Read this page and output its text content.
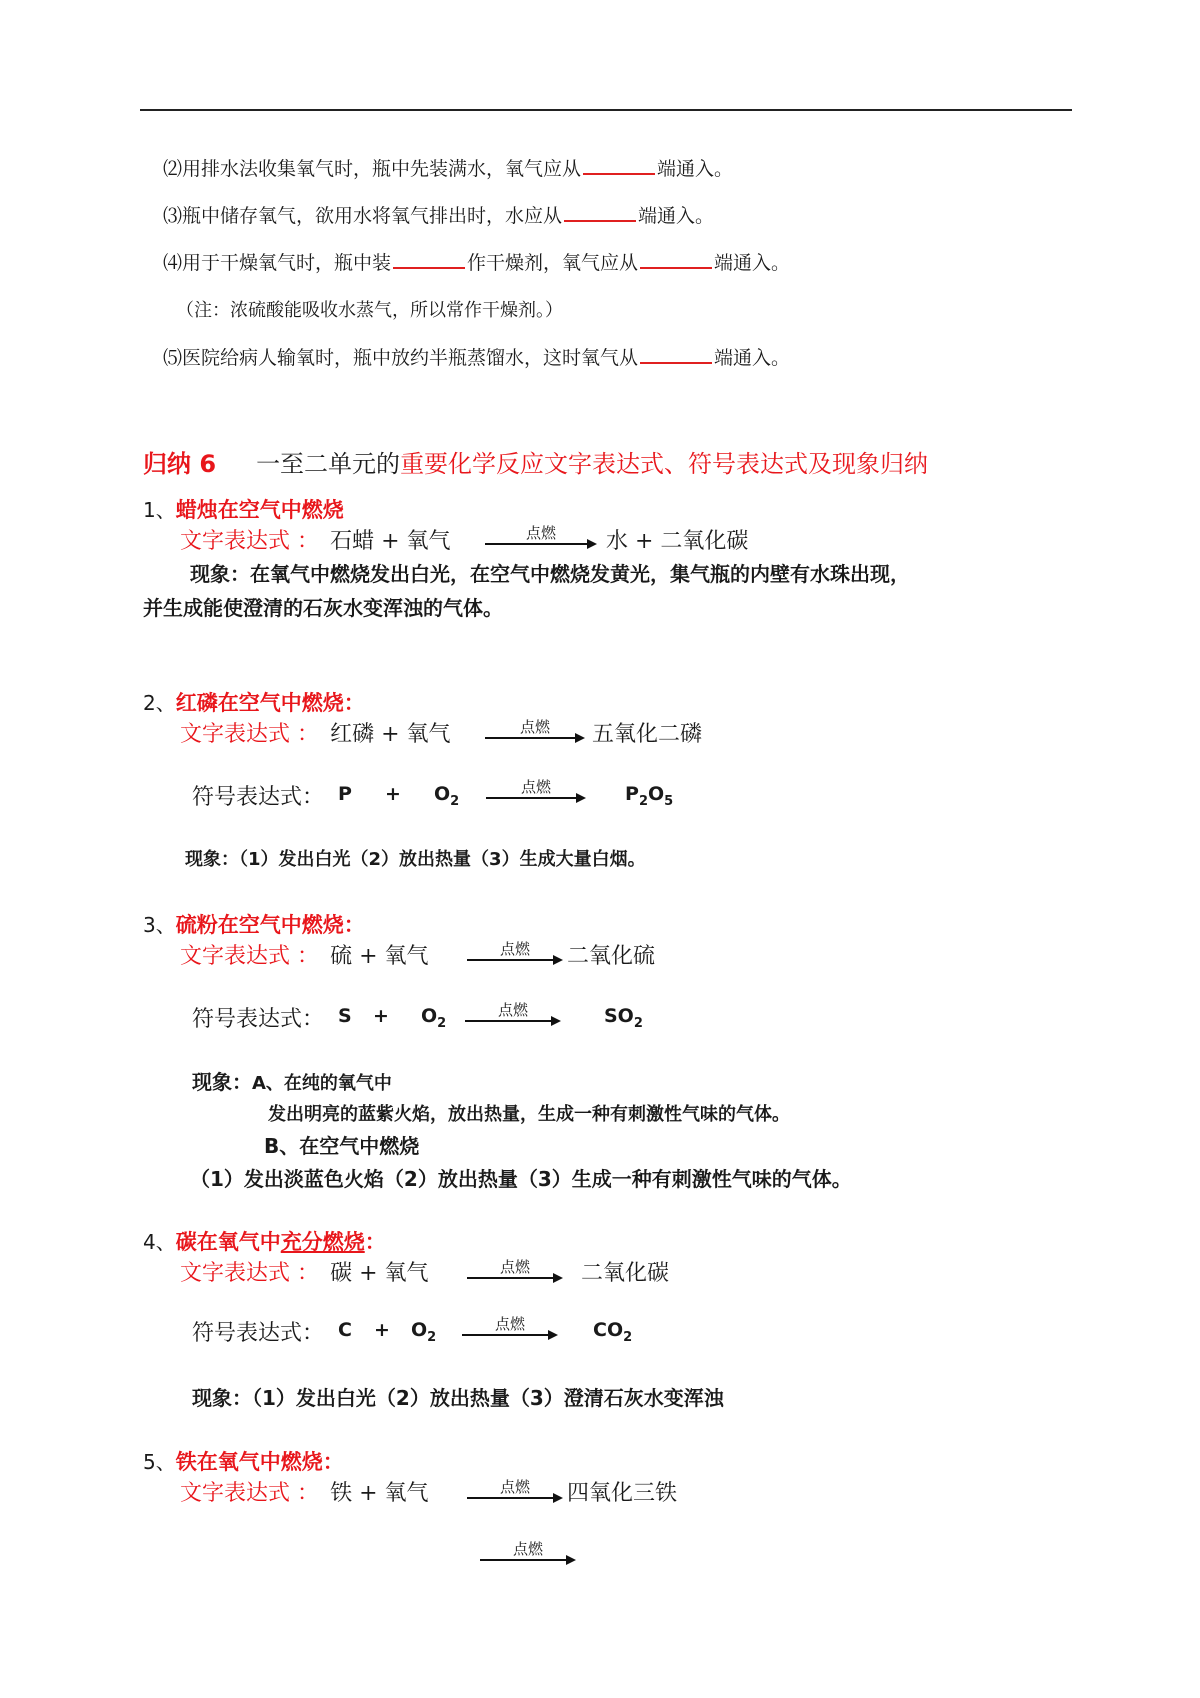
⑵用排水法收集氧气时，瓶中先装满水，氧气应从	端通入。
⑶瓶中储存氧气，欲用水将氧气排出时，水应从	端通入。
⑷用于干燥氧气时，瓶中装	作干燥剂，氧气应从	端通入。
（注：浓硫酸能吸收水蒸气，所以常作干燥剂。）
⑸医院给病人输氧时，瓶中放约半瓶蒸馏水，这时氧气从	端通入。
归纳 6 一至二单元的重要化学反应文字表达式、符号表达式及现象归纳
1、蜡烛在空气中燃烧
文字表达式 ： 石蜡 + 氧气	点燃	水 + 二氧化碳
现象：在氧气中燃烧发出白光，在空气中燃烧发黄光，集气瓶的内壁有水珠出现，
并生成能使澄清的石灰水变浑浊的气体。
2、红磷在空气中燃烧：
文字表达式 ： 红磷 + 氧气	点燃	五氧化二磷
符号表达式： $P + O_2$
点燃	$P_2O_5$
现象：（1）发出白光（2）放出热量（3）生成大量白烟。
3、硫粉在空气中燃烧：
文字表达式 ： 硫 + 氧气	点燃	二氧化硫
符号表达式： $S + O_2$
点燃	$SO_2$
现象：A、在纯的氧气中
发出明亮的蓝紫火焰，放出热量，生成一种有刺激性气味的气体。
B、在空气中燃烧
（1）发出淡蓝色火焰（2）放出热量（3）生成一种有刺激性气味的气体。
4、碳在氧气中充分燃烧：
文字表达式 ： 碳 + 氧气	点燃	二氧化碳
符号表达式： $C + O_2$
点燃	$CO_2$
现象：（1）发出白光（2）放出热量（3）澄清石灰水变浑浊
5、铁在氧气中燃烧：
文字表达式 ： 铁 + 氧气	点燃	四氧化三铁
点燃
